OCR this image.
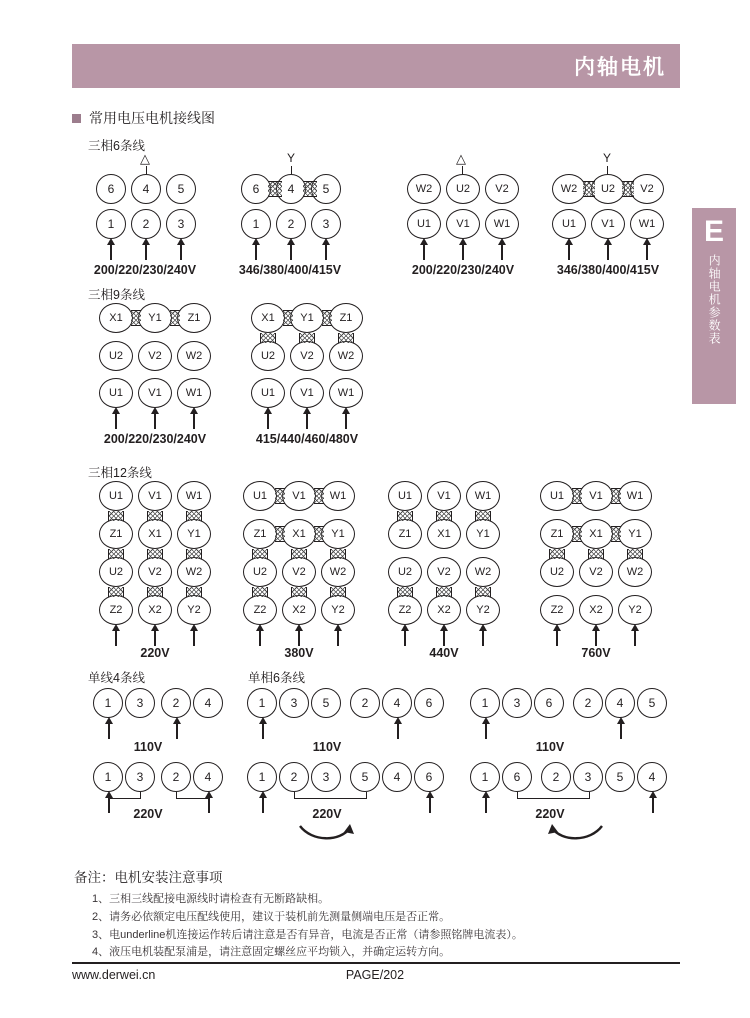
内轴电机
E
内轴电机参数表
常用电压电机接线图
三相6条线
△
6	4	5
1	2	3
200/220/230/240V
Y
6	4	5
1	2	3
346/380/400/415V
△
W2	U2	V2
U1	V1	W1
200/220/230/240V
Y
W2	U2	V2
U1	V1	W1
346/380/400/415V
三相9条线
X1	Y1	Z1
U2	V2	W2
U1	V1	W1
200/220/230/240V
X1	Y1	Z1
U2	V2	W2
U1	V1	W1
415/440/460/480V
三相12条线
U1	V1	W1
Z1	X1	Y1
U2	V2	W2
Z2	X2	Y2
220V
U1	V1	W1
Z1	X1	Y1
U2	V2	W2
Z2	X2	Y2
380V
U1	V1	W1
Z1	X1	Y1
U2	V2	W2
Z2	X2	Y2
440V
U1	V1	W1
Z1	X1	Y1
U2	V2	W2
Z2	X2	Y2
760V
单线4条线	单相6条线
1	3	2	4
110V
1	3	5	2	4	6
110V
1	3	6	2	4	5
110V
1	3	2	4
220V
1	2	3	5	4	6
220V
1	6	2	3	5	4
220V
备注：电机安装注意事项
1、三相三线配接电源线时请检查有无断路缺相。
2、请务必依额定电压配线使用，建议于装机前先测量侧端电压是否正常。
3、电underline机连接运作转后请注意是否有异音，电流是否正常（请参照铭牌电流表）。
4、液压电机装配泵浦是，请注意固定螺丝应平均锁入，并确定运转方向。
www.derwei.cn	PAGE/202
